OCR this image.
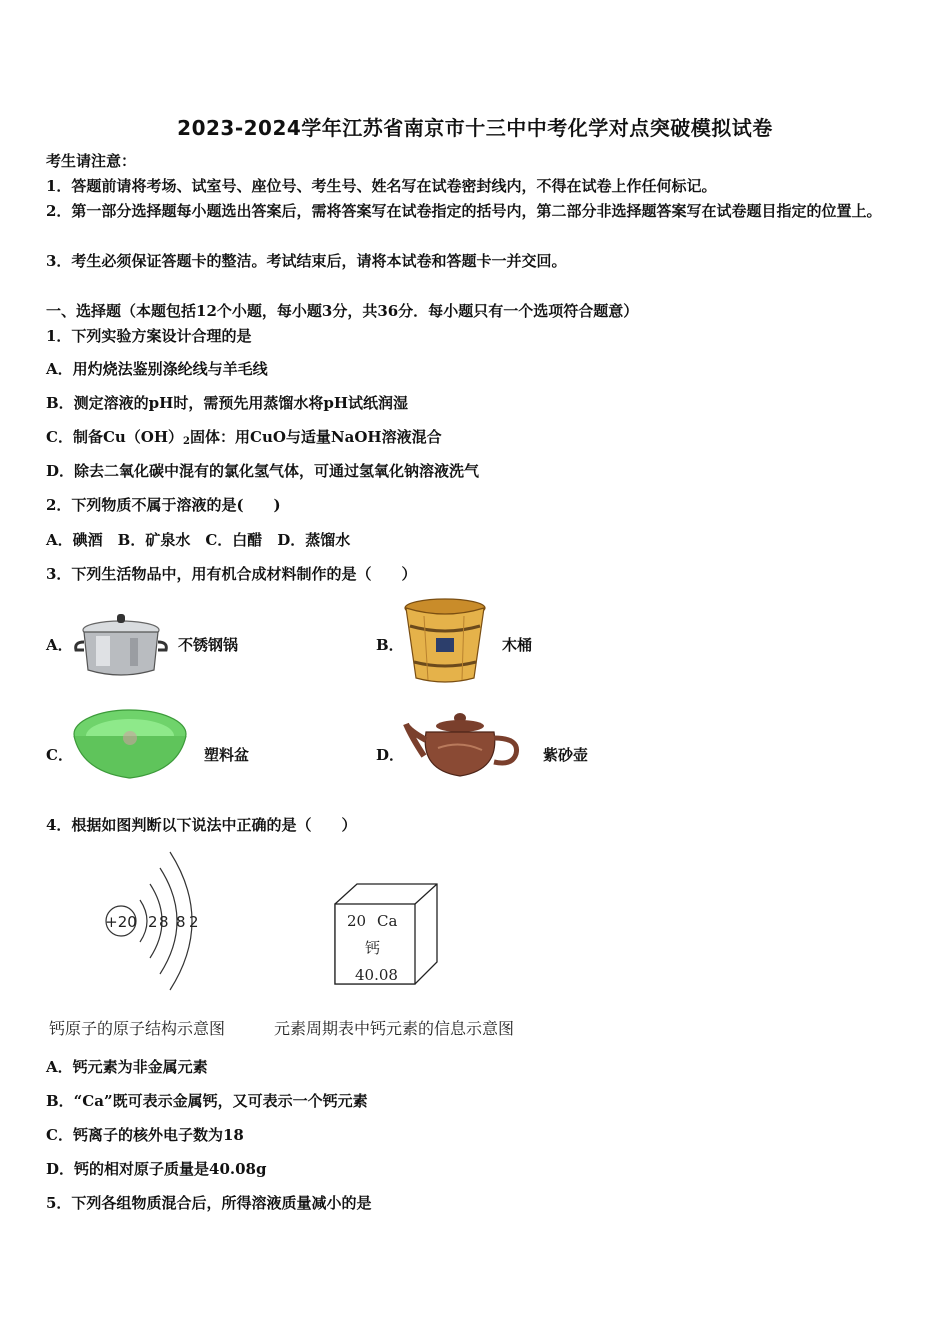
2023-2024学年江苏省南京市十三中中考化学对点突破模拟试卷
考生请注意：
1．答题前请将考场、试室号、座位号、考生号、姓名写在试卷密封线内，不得在试卷上作任何标记。
2．第一部分选择题每小题选出答案后，需将答案写在试卷指定的括号内，第二部分非选择题答案写在试卷题目指定的位置上。
3．考生必须保证答题卡的整洁。考试结束后，请将本试卷和答题卡一并交回。
一、选择题（本题包括12个小题，每小题3分，共36分．每小题只有一个选项符合题意）
1．下列实验方案设计合理的是
A．用灼烧法鉴别涤纶线与羊毛线
B．测定溶液的pH时，需预先用蒸馏水将pH试纸润湿
C．制备$Cu(OH)_2$固体：用CuO与适量NaOH溶液混合
D．除去二氧化碳中混有的氯化氢气体，可通过氢氧化钠溶液洗气
2．下列物质不属于溶液的是(　　)
A．碘酒　B．矿泉水　C．白醋　D．蒸馏水
3．下列生活物品中，用有机合成材料制作的是（　　）
A．	不锈钢锅	B．	木桶
C．	塑料盆	D．	紫砂壶
4．根据如图判断以下说法中正确的是（　　）
+20 2 8 8 2	20 Ca
钙
40.08
钙原子的原子结构示意图	元素周期表中钙元素的信息示意图
A．钙元素为非金属元素
B．“Ca”既可表示金属钙，又可表示一个钙元素
C．钙离子的核外电子数为18
D．钙的相对原子质量是40.08g
5．下列各组物质混合后，所得溶液质量减小的是
